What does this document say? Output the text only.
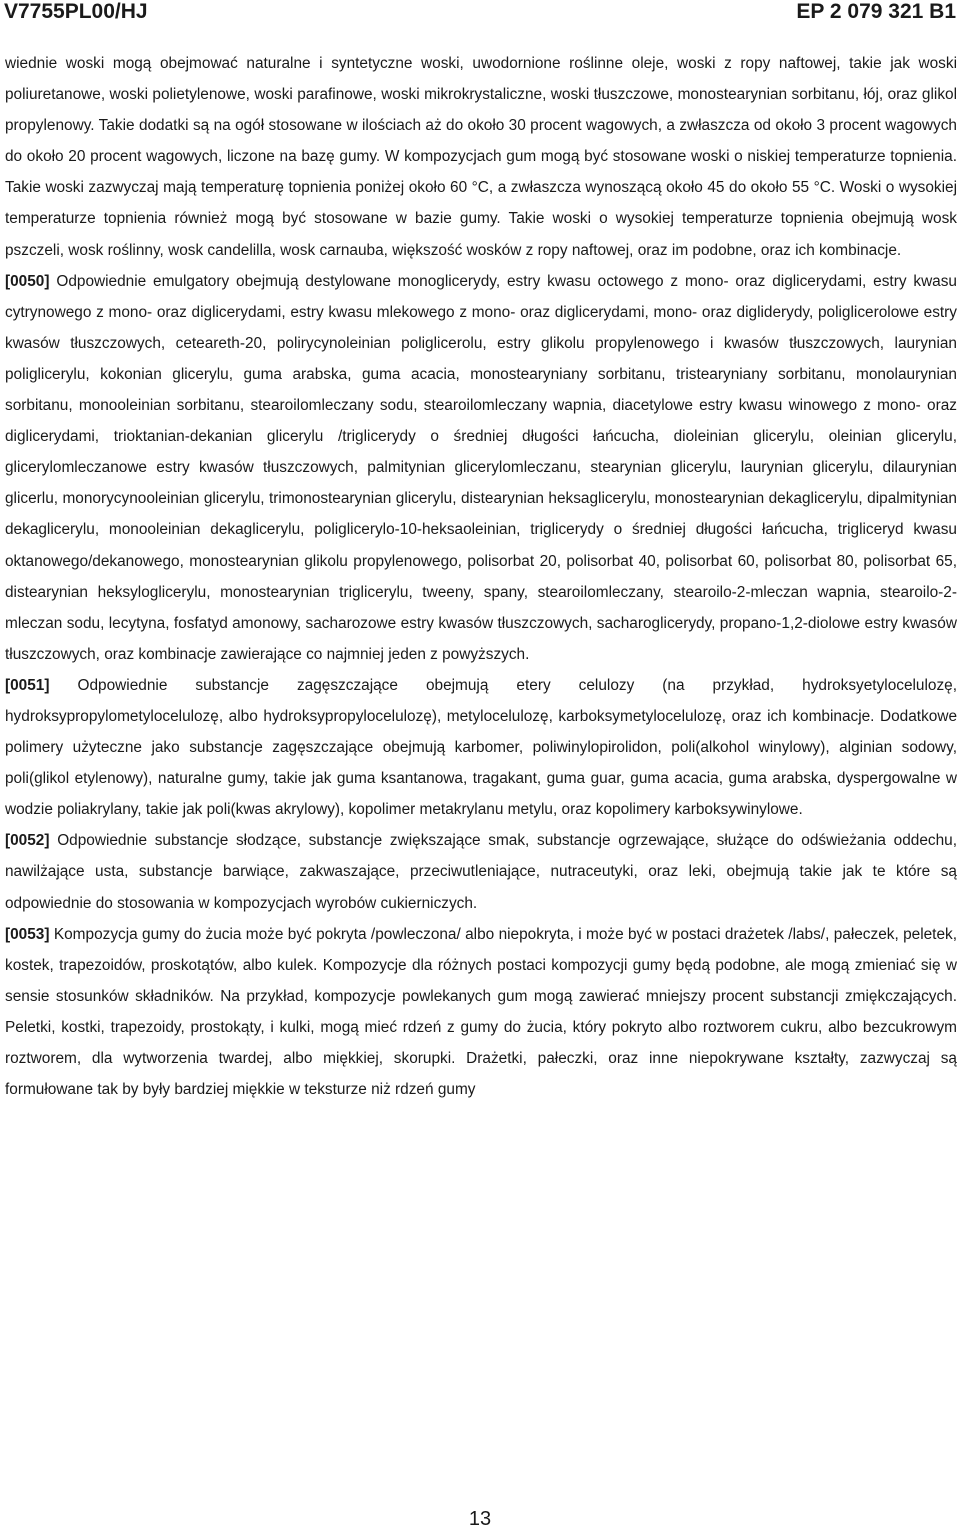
V7755PL00/HJ	EP 2 079 321 B1

wiednie woski mogą obejmować naturalne i syntetyczne woski, uwodornione roślinne oleje, woski z ropy naftowej, takie jak woski poliuretanowe, woski polietylenowe, woski parafinowe, woski mikrokrystaliczne, woski tłuszczowe, monostearynian sorbitanu, łój, oraz glikol propylenowy. Takie dodatki są na ogół stosowane w ilościach aż do około 30 procent wagowych, a zwłaszcza od około 3 procent wagowych do około 20 procent wagowych, liczone na bazę gumy. W kompozycjach gum mogą być stosowane woski o niskiej temperaturze topnienia. Takie woski zazwyczaj mają temperaturę topnienia poniżej około 60 °C, a zwłaszcza wynoszącą około 45 do około 55 °C. Woski o wysokiej temperaturze topnienia również mogą być stosowane w bazie gumy. Takie woski o wysokiej temperaturze topnienia obejmują wosk pszczeli, wosk roślinny, wosk candelilla, wosk carnauba, większość wosków z ropy naftowej, oraz im podobne, oraz ich kombinacje.

[0050] Odpowiednie emulgatory obejmują destylowane monoglicerydy, estry kwasu octowego z mono- oraz diglicerydami, estry kwasu cytrynowego z mono- oraz diglicerydami, estry kwasu mlekowego z mono- oraz diglicerydami, mono- oraz digliderydy, poliglicerolowe estry kwasów tłuszczowych, ceteareth-20, polirycynoleinian poliglicerolu, estry glikolu propylenowego i kwasów tłuszczowych, laurynian poliglicerylu, kokonian glicerylu, guma arabska, guma acacia, monostearyniany sorbitanu, tristearyniany sorbitanu, monolaurynian sorbitanu, monooleinian sorbitanu, stearoilomleczany sodu, stearoilomleczany wapnia, diacetylowe estry kwasu winowego z mono- oraz diglicerydami, trioktanian-dekanian glicerylu /triglicerydy o średniej długości łańcucha, dioleinian glicerylu, oleinian glicerylu, glicerylomleczanowe estry kwasów tłuszczowych, palmitynian glicerylomleczanu, stearynian glicerylu, laurynian glicerylu, dilaurynian glicerlu, monorycynooleinian glicerylu, trimonostearynian glicerylu, distearynian heksaglicerylu, monostearynian dekaglicerylu, dipalmitynian dekaglicerylu, monooleinian dekaglicerylu, poliglicerylo-10-heksaoleinian, triglicerydy o średniej długości łańcucha, trigliceryd kwasu oktanowego/dekanowego, monostearynian glikolu propylenowego, polisorbat 20, polisorbat 40, polisorbat 60, polisorbat 80, polisorbat 65, distearynian heksyloglicerylu, monostearynian triglicerylu, tweeny, spany, stearoilomleczany, stearoilo-2-mleczan wapnia, stearoilo-2-mleczan sodu, lecytyna, fosfatyd amonowy, sacharozowe estry kwasów tłuszczowych, sacharoglicerydy, propano-1,2-diolowe estry kwasów tłuszczowych, oraz kombinacje zawierające co najmniej jeden z powyższych.

[0051] Odpowiednie substancje zagęszczające obejmują etery celulozy (na przykład, hydroksyetylocelulozę, hydroksypropylometylocelulozę, albo hydroksypropylocelulozę), metylocelulozę, karboksymetylocelulozę, oraz ich kombinacje. Dodatkowe polimery użyteczne jako substancje zagęszczające obejmują karbomer, poliwinylopirolidon, poli(alkohol winylowy), alginian sodowy, poli(glikol etylenowy), naturalne gumy, takie jak guma ksantanowa, tragakant, guma guar, guma acacia, guma arabska, dyspergowalne w wodzie poliakrylany, takie jak poli(kwas akrylowy), kopolimer metakrylanu metylu, oraz kopolimery karboksywinylowe.

[0052] Odpowiednie substancje słodzące, substancje zwiększające smak, substancje ogrzewające, służące do odświeżania oddechu, nawilżające usta, substancje barwiące, zakwaszające, przeciwutleniające, nutraceutyki, oraz leki, obejmują takie jak te które są odpowiednie do stosowania w kompozycjach wyrobów cukierniczych.

[0053] Kompozycja gumy do żucia może być pokryta /powleczona/ albo niepokryta, i może być w postaci drażetek /labs/, pałeczek, peletek, kostek, trapezoidów, proskotątów, albo kulek. Kompozycje dla różnych postaci kompozycji gumy będą podobne, ale mogą zmieniać się w sensie stosunków składników. Na przykład, kompozycje powlekanych gum mogą zawierać mniejszy procent substancji zmiękczających. Peletki, kostki, trapezoidy, prostokąty, i kulki, mogą mieć rdzeń z gumy do żucia, który pokryto albo roztworem cukru, albo bezcukrowym roztworem, dla wytworzenia twardej, albo miękkiej, skorupki. Drażetki, pałeczki, oraz inne niepokrywane kształty, zazwyczaj są formułowane tak by były bardziej miękkie w teksturze niż rdzeń gumy

13
